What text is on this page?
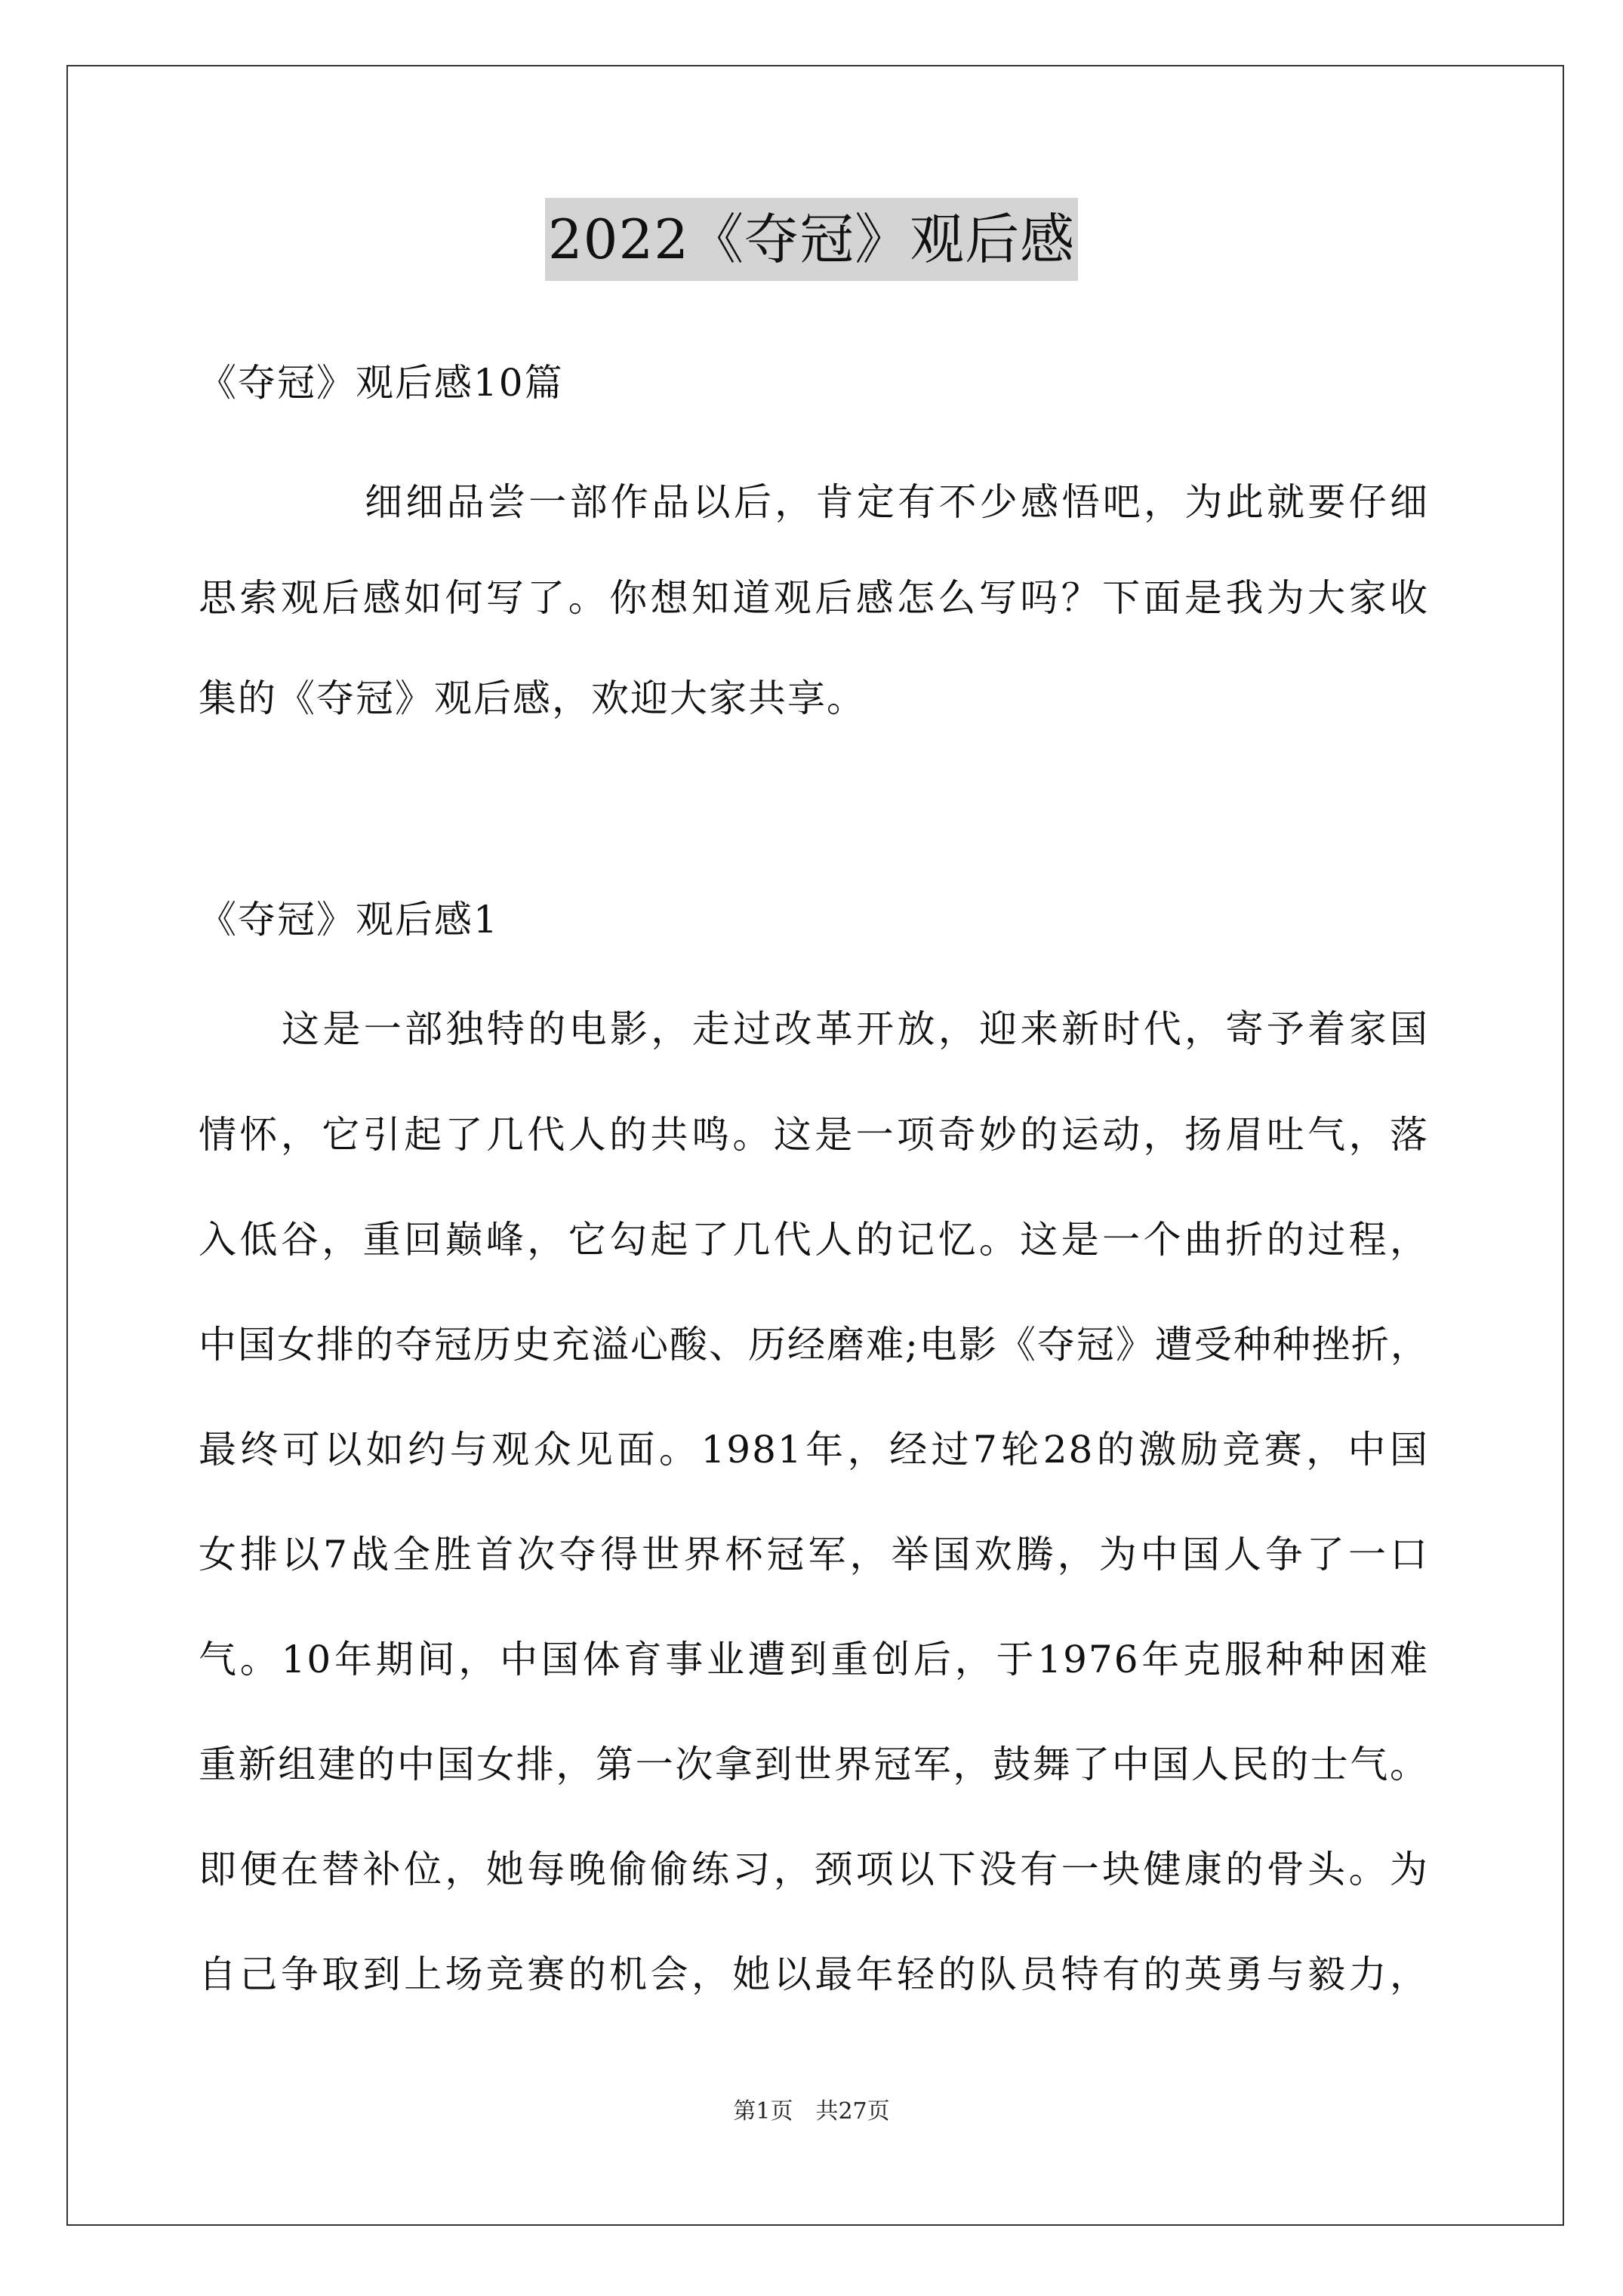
2022《夺冠》观后感

《夺冠》观后感10篇

细细品尝一部作品以后，肯定有不少感悟吧，为此就要仔细

思索观后感如何写了。你想知道观后感怎么写吗？下面是我为大家收

集的《夺冠》观后感，欢迎大家共享。

《夺冠》观后感1

这是一部独特的电影，走过改革开放，迎来新时代，寄予着家国

情怀，它引起了几代人的共鸣。这是一项奇妙的运动，扬眉吐气，落

入低谷，重回巅峰，它勾起了几代人的记忆。这是一个曲折的过程，

中国女排的夺冠历史充溢心酸、历经磨难;电影《夺冠》遭受种种挫折，

最终可以如约与观众见面。1981年，经过7轮28的激励竞赛，中国

女排以7战全胜首次夺得世界杯冠军，举国欢腾，为中国人争了一口

气。10年期间，中国体育事业遭到重创后，于1976年克服种种困难

重新组建的中国女排，第一次拿到世界冠军，鼓舞了中国人民的士气。

即便在替补位，她每晚偷偷练习，颈项以下没有一块健康的骨头。为

自己争取到上场竞赛的机会，她以最年轻的队员特有的英勇与毅力，

第1页　共27页
